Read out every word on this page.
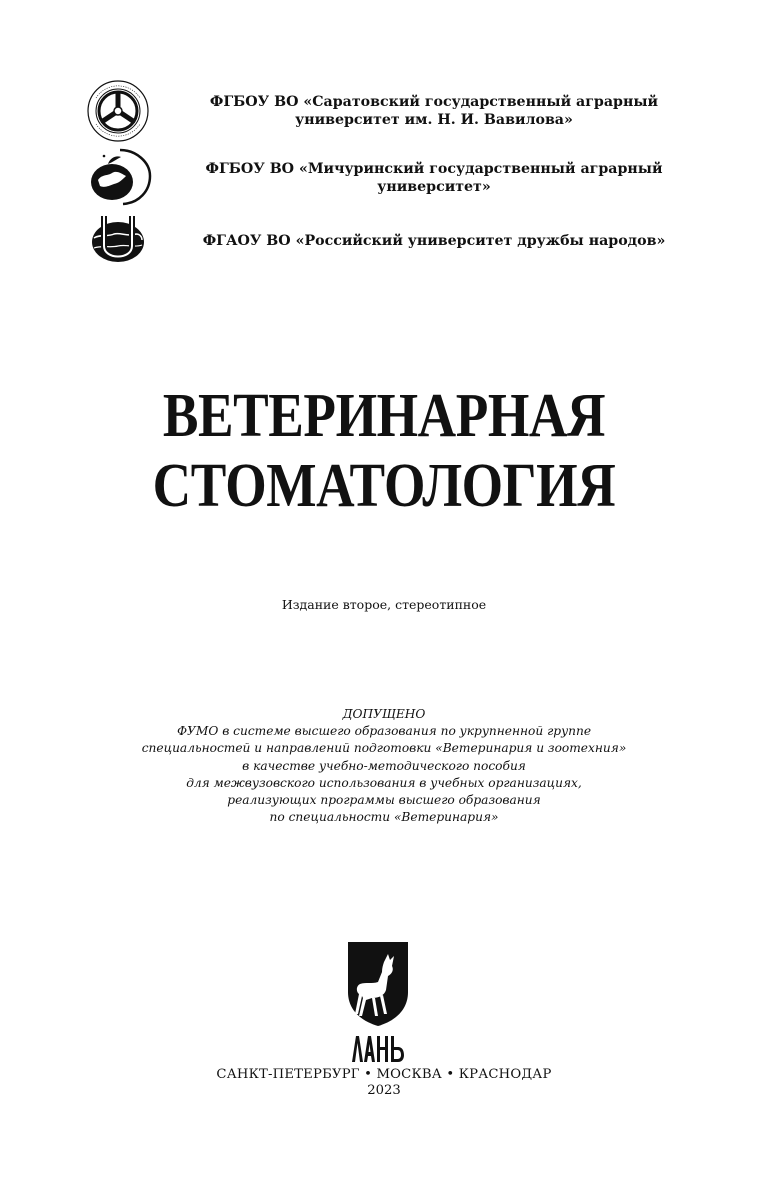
ФГБОУ ВО «Саратовский государственный аграрный
университет им. Н. И. Вавилова»
ФГБОУ ВО «Мичуринский государственный аграрный
университет»
ФГАОУ ВО «Российский университет дружбы народов»
ВЕТЕРИНАРНАЯ
СТОМАТОЛОГИЯ
Издание второе, стереотипное
ДОПУЩЕНО
ФУМО в системе высшего образования по укрупненной группе
специальностей и направлений подготовки «Ветеринария и зоотехния»
в качестве учебно-методического пособия
для межвузовского использования в учебных организациях,
реализующих программы высшего образования
по специальности «Ветеринария»
САНКТ-ПЕТЕРБУРГ • МОСКВА • КРАСНОДАР
2023
